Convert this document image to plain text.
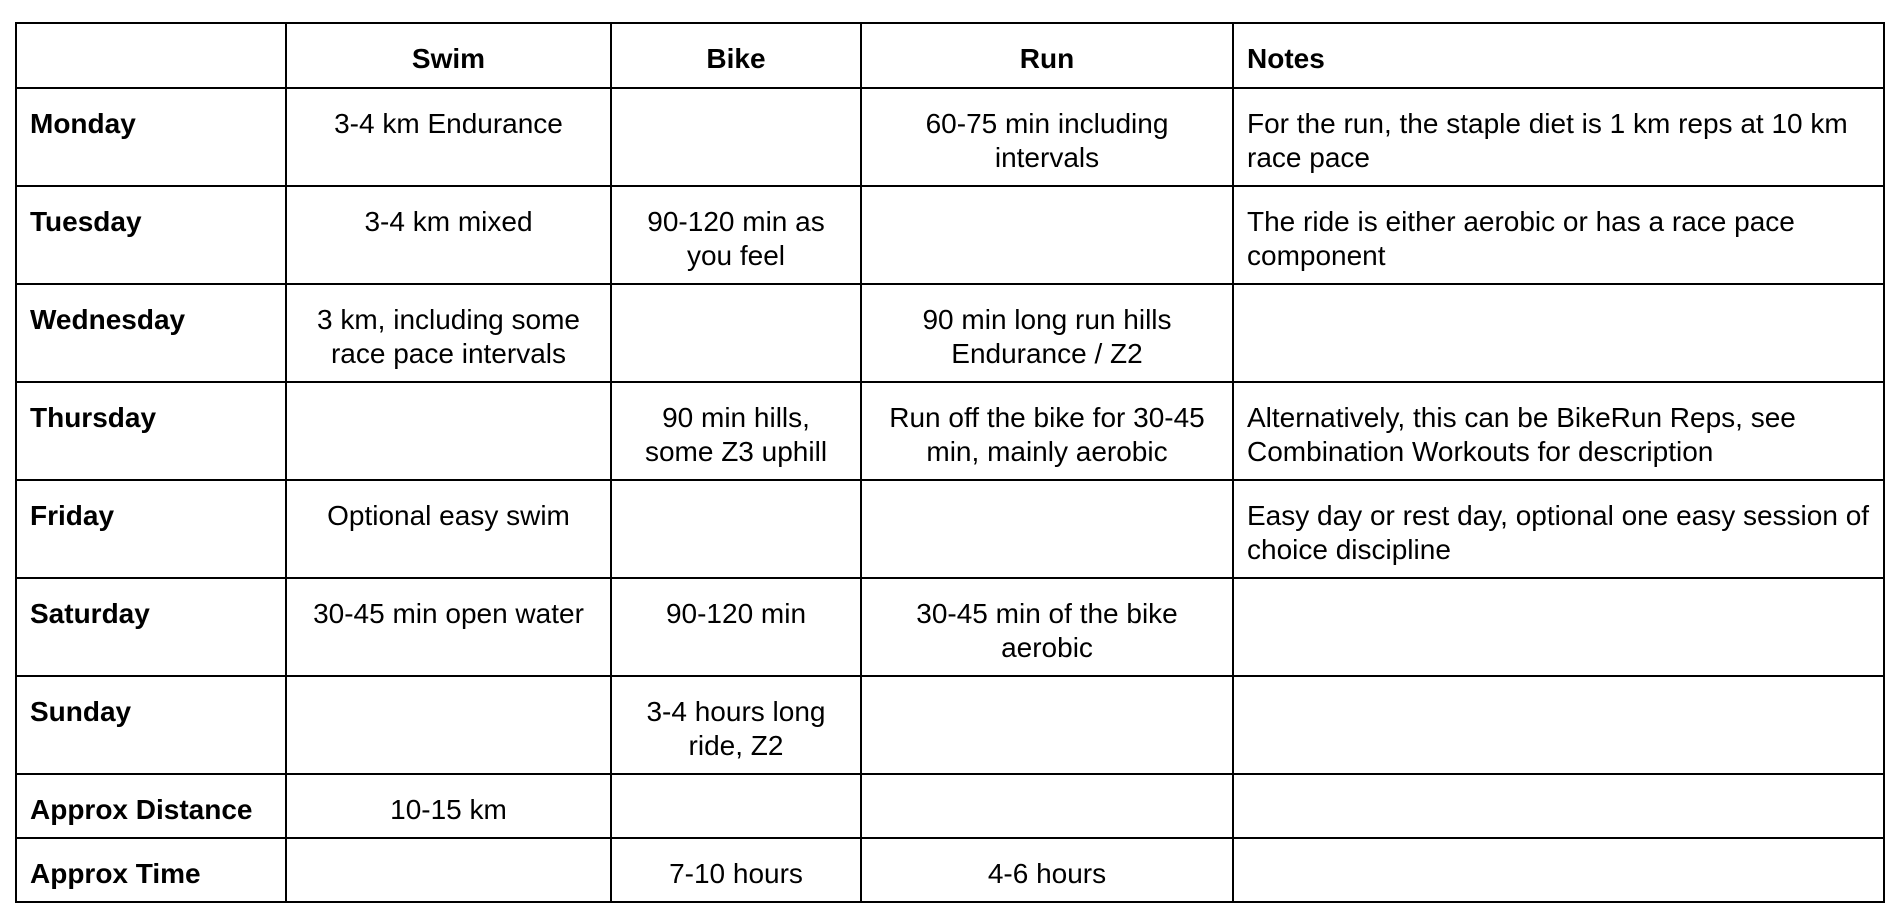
	Swim	Bike	Run	Notes
Monday	3-4 km Endurance		60-75 min including intervals	For the run, the staple diet is 1 km reps at 10 km race pace
Tuesday	3-4 km mixed	90-120 min as you feel		The ride is either aerobic or has a race pace component
Wednesday	3 km, including some race pace intervals		90 min long run hills Endurance / Z2	
Thursday		90 min hills, some Z3 uphill	Run off the bike for 30-45 min, mainly aerobic	Alternatively, this can be BikeRun Reps, see Combination Workouts for description
Friday	Optional easy swim			Easy day or rest day, optional one easy session of choice discipline
Saturday	30-45 min open water	90-120 min	30-45 min of the bike aerobic	
Sunday		3-4 hours long ride, Z2		
Approx Distance	10-15 km			
Approx Time		7-10 hours	4-6 hours	
